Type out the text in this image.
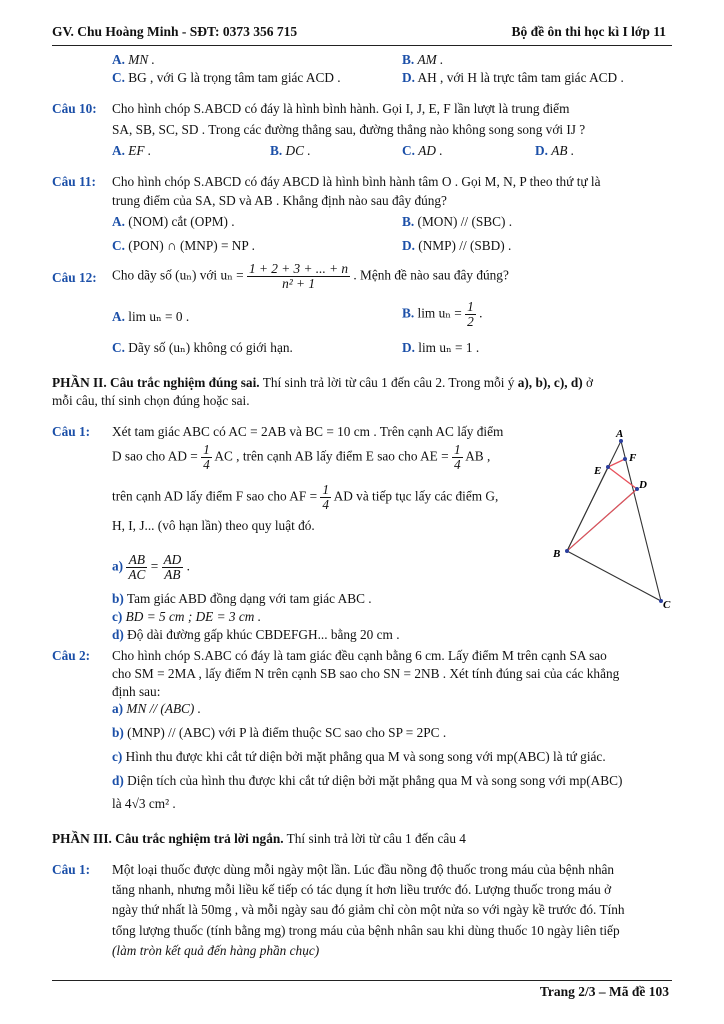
GV. Chu Hoàng Minh - SĐT: 0373 356 715	Bộ đề ôn thi học kì I lớp 11
A. MN .	B. AM .
C. BG , với G là trọng tâm tam giác ACD .	D. AH , với H là trực tâm tam giác ACD .
Câu 10: Cho hình chóp S.ABCD có đáy là hình bình hành. Gọi I, J, E, F lần lượt là trung điểm
SA, SB, SC, SD . Trong các đường thẳng sau, đường thẳng nào không song song với IJ ?
A. EF .	B. DC .	C. AD .	D. AB .
Câu 11: Cho hình chóp S.ABCD có đáy ABCD là hình bình hành tâm O . Gọi M, N, P theo thứ tự là
trung điểm của SA, SD và AB . Khẳng định nào sau đây đúng?
A. (NOM) cắt (OPM) .	B. (MON) // (SBC) .
C. (PON) ∩ (MNP) = NP .	D. (NMP) // (SBD) .
Câu 12: Cho dãy số (uₙ) với $u_n = \frac{1 + 2 + 3 + ... + n}{\text{n² + 1}}$ . Mệnh đề nào sau đây đúng?
A. lim uₙ = 0 .	B. $\lim u_n = \frac{1}{2}$ .
C. Dãy số (uₙ) không có giới hạn.	D. lim uₙ = 1 .
PHẦN II. Câu trắc nghiệm đúng sai. Thí sinh trả lời từ câu 1 đến câu 2. Trong mỗi ý a), b), c), d) ở
mỗi câu, thí sinh chọn đúng hoặc sai.
Câu 1: Xét tam giác ABC có AC = 2AB và BC = 10 cm . Trên cạnh AC lấy điểm
D sao cho AD = $\frac{1}{4}$ AC , trên cạnh AB lấy điểm E sao cho AE = $\frac{1}{4}$ AB ,
trên cạnh AD lấy điểm F sao cho AF = $\frac{1}{4}$ AD và tiếp tục lấy các điểm G,
H, I, J... (vô hạn lần) theo quy luật đó.
$a) \frac{AB}{AC} = \frac{AD}{AB}$ .
b) Tam giác ABD đồng dạng với tam giác ABC .
c) BD = 5 cm ; DE = 3 cm .
d) Độ dài đường gấp khúc CBDEFGH... bằng 20 cm .
A
F
E
D
B
C
Câu 2: Cho hình chóp S.ABC có đáy là tam giác đều cạnh bằng 6 cm. Lấy điểm M trên cạnh SA sao
cho SM = 2MA , lấy điểm N trên cạnh SB sao cho SN = 2NB . Xét tính đúng sai của các khẳng
định sau:
a) MN // (ABC) .
b) (MNP) // (ABC) với P là điểm thuộc SC sao cho SP = 2PC .
c) Hình thu được khi cắt tứ diện bởi mặt phẳng qua M và song song với mp(ABC) là tứ giác.
d) Diện tích của hình thu được khi cắt tứ diện bởi mặt phẳng qua M và song song với mp(ABC)
là 4√3 cm² .
PHẦN III. Câu trắc nghiệm trả lời ngắn. Thí sinh trả lời từ câu 1 đến câu 4
Câu 1: Một loại thuốc được dùng mỗi ngày một lần. Lúc đầu nồng độ thuốc trong máu của bệnh nhân
tăng nhanh, nhưng mỗi liều kế tiếp có tác dụng ít hơn liều trước đó. Lượng thuốc trong máu ở
ngày thứ nhất là 50mg , và mỗi ngày sau đó giảm chỉ còn một nửa so với ngày kề trước đó. Tính
tổng lượng thuốc (tính bằng mg) trong máu của bệnh nhân sau khi dùng thuốc 10 ngày liên tiếp
(làm tròn kết quả đến hàng phần chục)
Trang 2/3 – Mã đề 103
